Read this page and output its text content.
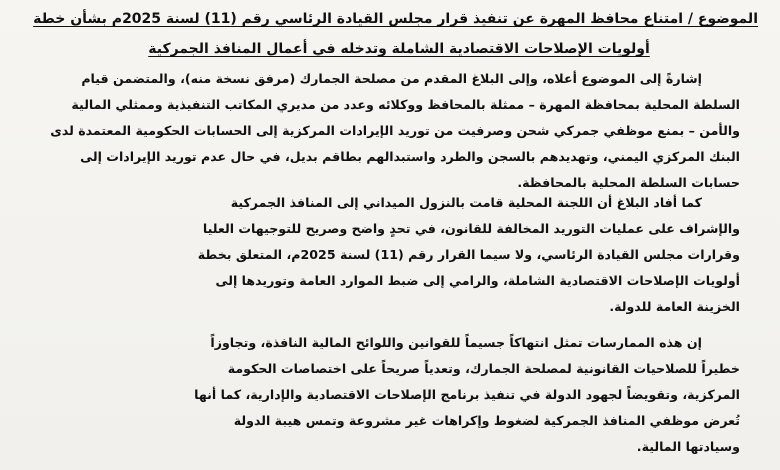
الموضوع / امتناع محافظ المهرة عن تنفيذ قرار مجلس القيادة الرئاسي رقم (11) لسنة 2025م بشأن خطة
أولويات الإصلاحات الاقتصادية الشاملة وتدخله في أعمال المنافذ الجمركية
إشارةً إلى الموضوع أعلاه، وإلى البلاغ المقدم من مصلحة الجمارك (مرفق نسخة منه)، والمتضمن قيام
السلطة المحلية بمحافظة المهرة – ممثلة بالمحافظ ووكلائه وعدد من مديري المكاتب التنفيذية وممثلي المالية
والأمن – بمنع موظفي جمركي شحن وصرفيت من توريد الإيرادات المركزية إلى الحسابات الحكومية المعتمدة لدى
البنك المركزي اليمني، وتهديدهم بالسجن والطرد واستبدالهم بطاقم بديل، في حال عدم توريد الإيرادات إلى
حسابات السلطة المحلية بالمحافظة.
كما أفاد البلاغ أن اللجنة المحلية قامت بالنزول الميداني إلى المنافذ الجمركية
والإشراف على عمليات التوريد المخالفة للقانون، في تحدٍ واضح وصريح للتوجيهات العليا
وقرارات مجلس القيادة الرئاسي، ولا سيما القرار رقم (11) لسنة 2025م، المتعلق بخطة
أولويات الإصلاحات الاقتصادية الشاملة، والرامي إلى ضبط الموارد العامة وتوريدها إلى
الخزينة العامة للدولة.
إن هذه الممارسات تمثل انتهاكاً جسيماً للقوانين واللوائح المالية النافذة، وتجاوزاً
خطيراً للصلاحيات القانونية لمصلحة الجمارك، وتعدياً صريحاً على اختصاصات الحكومة
المركزية، وتقويضاً لجهود الدولة في تنفيذ برنامج الإصلاحات الاقتصادية والإدارية، كما أنها
تُعرض موظفي المنافذ الجمركية لضغوط وإكراهات غير مشروعة وتمس هيبة الدولة
وسيادتها المالية.
